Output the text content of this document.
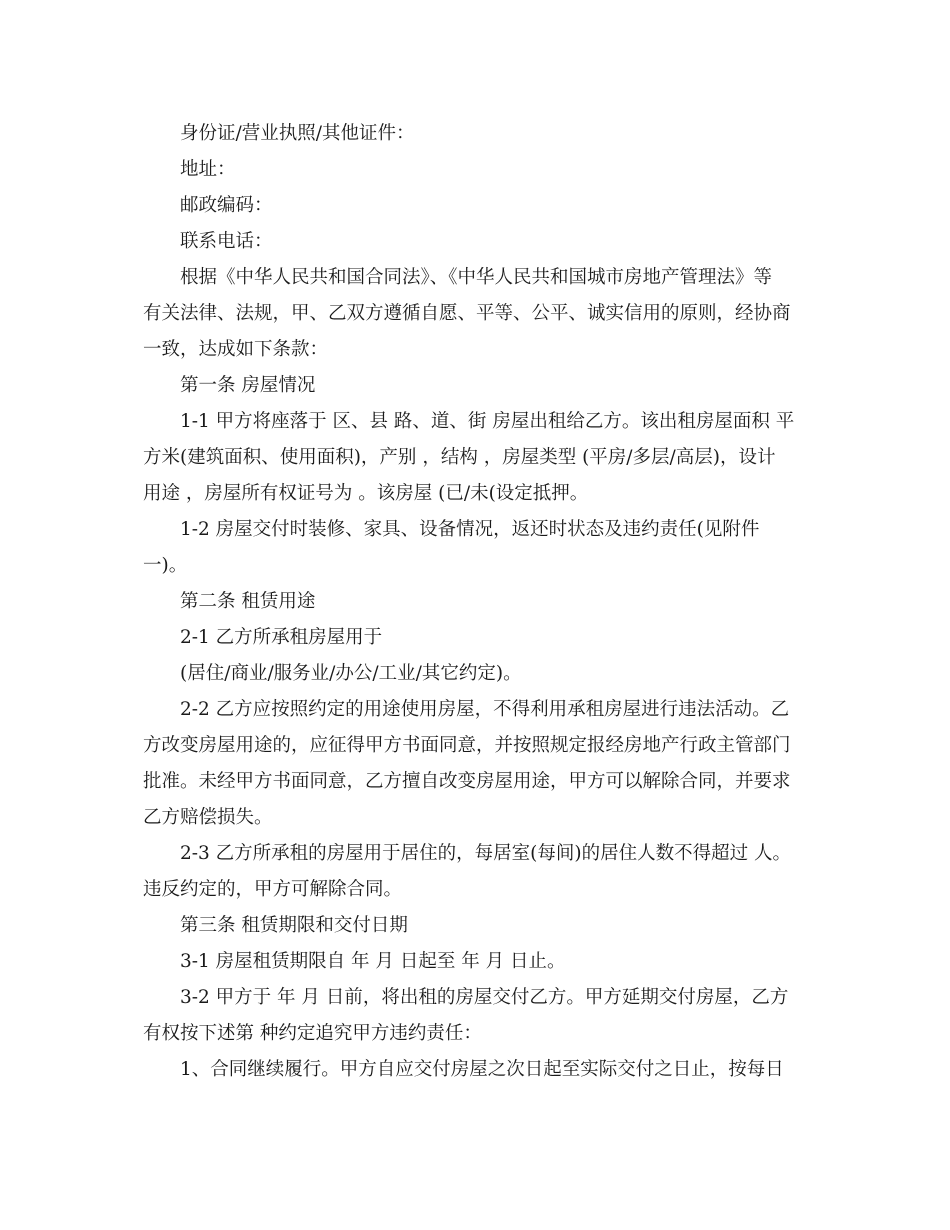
身份证/营业执照/其他证件：
地址：
邮政编码：
联系电话：
根据《中华人民共和国合同法》、《中华人民共和国城市房地产管理法》等
有关法律、法规，甲、乙双方遵循自愿、平等、公平、诚实信用的原则，经协商
一致，达成如下条款：
第一条 房屋情况
1-1 甲方将座落于 区、县 路、道、街 房屋出租给乙方。该出租房屋面积 平
方米(建筑面积、使用面积)，产别 ，结构 ，房屋类型 (平房/多层/高层)，设计
用途 ，房屋所有权证号为 。该房屋 (已/未(设定抵押。
1-2 房屋交付时装修、家具、设备情况，返还时状态及违约责任(见附件
一)。
第二条 租赁用途
2-1 乙方所承租房屋用于
(居住/商业/服务业/办公/工业/其它约定)。
2-2 乙方应按照约定的用途使用房屋，不得利用承租房屋进行违法活动。乙
方改变房屋用途的，应征得甲方书面同意，并按照规定报经房地产行政主管部门
批准。未经甲方书面同意，乙方擅自改变房屋用途，甲方可以解除合同，并要求
乙方赔偿损失。
2-3 乙方所承租的房屋用于居住的，每居室(每间)的居住人数不得超过 人。
违反约定的，甲方可解除合同。
第三条 租赁期限和交付日期
3-1 房屋租赁期限自 年 月 日起至 年 月 日止。
3-2 甲方于 年 月 日前，将出租的房屋交付乙方。甲方延期交付房屋，乙方
有权按下述第 种约定追究甲方违约责任：
1、合同继续履行。甲方自应交付房屋之次日起至实际交付之日止，按每日
